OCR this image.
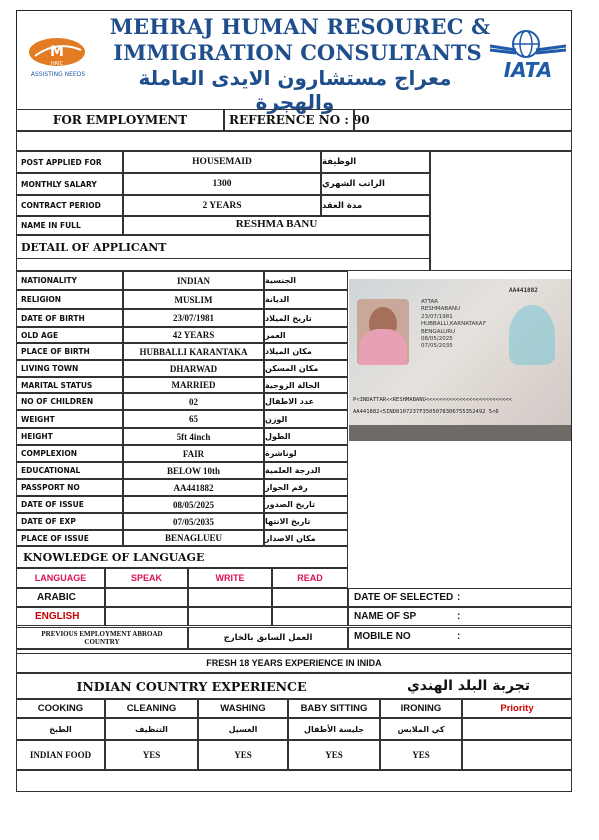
M
HRIC
ASSISTING NEEDS
MEHRAJ HUMAN RESOUREC &
IMMIGRATION CONSULTANTS
معراج مستشارون الايدى العاملة والهجرة
IATA
FOR EMPLOYMENT	REFERENCE NO : 90
POST APPLIED FOR	HOUSEMAID	الوظيفة
MONTHLY SALARY	1300	الراتب الشهري
CONTRACT PERIOD	2 YEARS	مدة العقد
NAME IN FULL	RESHMA BANU
DETAIL OF APPLICANT
NATIONALITY	INDIAN	الجنسية
RELIGION	MUSLIM	الديانة
DATE OF BIRTH	23/07/1981	تاريخ الميلاد
OLD AGE	42 YEARS	العمر
PLACE OF BIRTH	HUBBALLI KARANTAKA	مكان الميلاد
LIVING TOWN	DHARWAD	مكان المسكن
MARITAL STATUS	MARRIED	الحالة الزوجية
NO OF CHILDREN	02	عدد الاطفال
WEIGHT	65	الوزن
HEIGHT	5ft 4inch	الطول
COMPLEXION	FAIR	لوناشرة
EDUCATIONAL	BELOW 10th	الدرجة العلمية
PASSPORT NO	AA441882	رقم الجواز
DATE OF ISSUE	08/05/2025	تاريخ الصدور
DATE OF EXP	07/05/2035	تاريخ الانتها
PLACE OF ISSUE	BENAGLUEU	مكان الاصدار
ATTAR
RESHMABANU
23/07/1981
HUBBALLI,KARNATAKA
BENGALURU
08/05/2025
07/05/2035
F
AA441882
P<INDATTAR<<RESHMABANU<<<<<<<<<<<<<<<<<<<<<<<<<<
AA441882<5IND8107237F3505078306755352492 5<6
KNOWLEDGE OF LANGUAGE
LANGUAGE	SPEAK	WRITE	READ
ARABIC
ENGLISH
DATE OF SELECTED :
NAME OF SP	:
MOBILE NO	:
PREVIOUS EMPLOYMENT ABROAD COUNTRY	العمل السابق بالخارج
FRESH 18 YEARS EXPERIENCE IN INIDA
INDIAN COUNTRY EXPERIENCE	تجربة البلد الهندي
COOKING	CLEANING	WASHING	BABY SITTING	IRONING	Priority
الطبخ	التنظيف	الغسيل	جليسة الأطفال	كي الملابس
INDIAN FOOD	YES	YES	YES	YES
